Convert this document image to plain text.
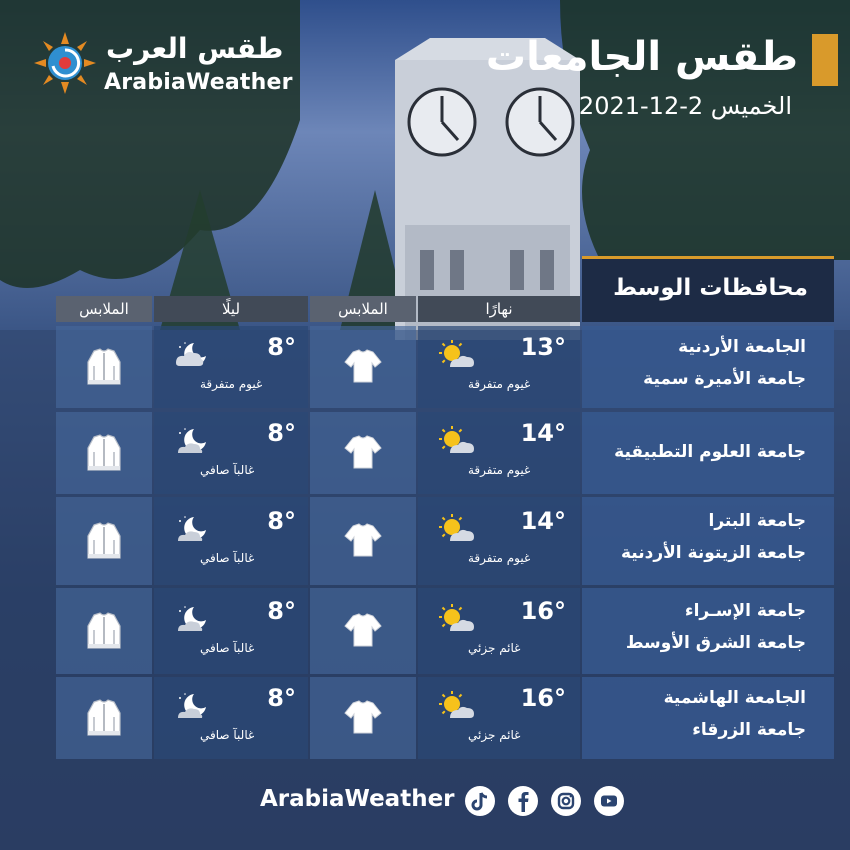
طقس العرب
ArabiaWeather
طقس الجامعات
الخميس 2-12-2021
محافظات الوسط
نهارًا
الملابس
ليلًا
الملابس
8°
غيوم متفرقة
13°
غيوم متفرقة
الجامعة الأردنية
جامعة الأميرة سمية
8°
غالبآ صافي
14°
غيوم متفرقة
جامعة العلوم التطبيقية
8°
غالبآ صافي
14°
غيوم متفرقة
جامعة البترا
جامعة الزيتونة الأردنية
8°
غالبآ صافي
16°
غائم جزئي
جامعة الإسـراء
جامعة الشرق الأوسط
8°
غالبآ صافي
16°
غائم جزئي
الجامعة الهاشمية
جامعة الزرقاء
ArabiaWeather
